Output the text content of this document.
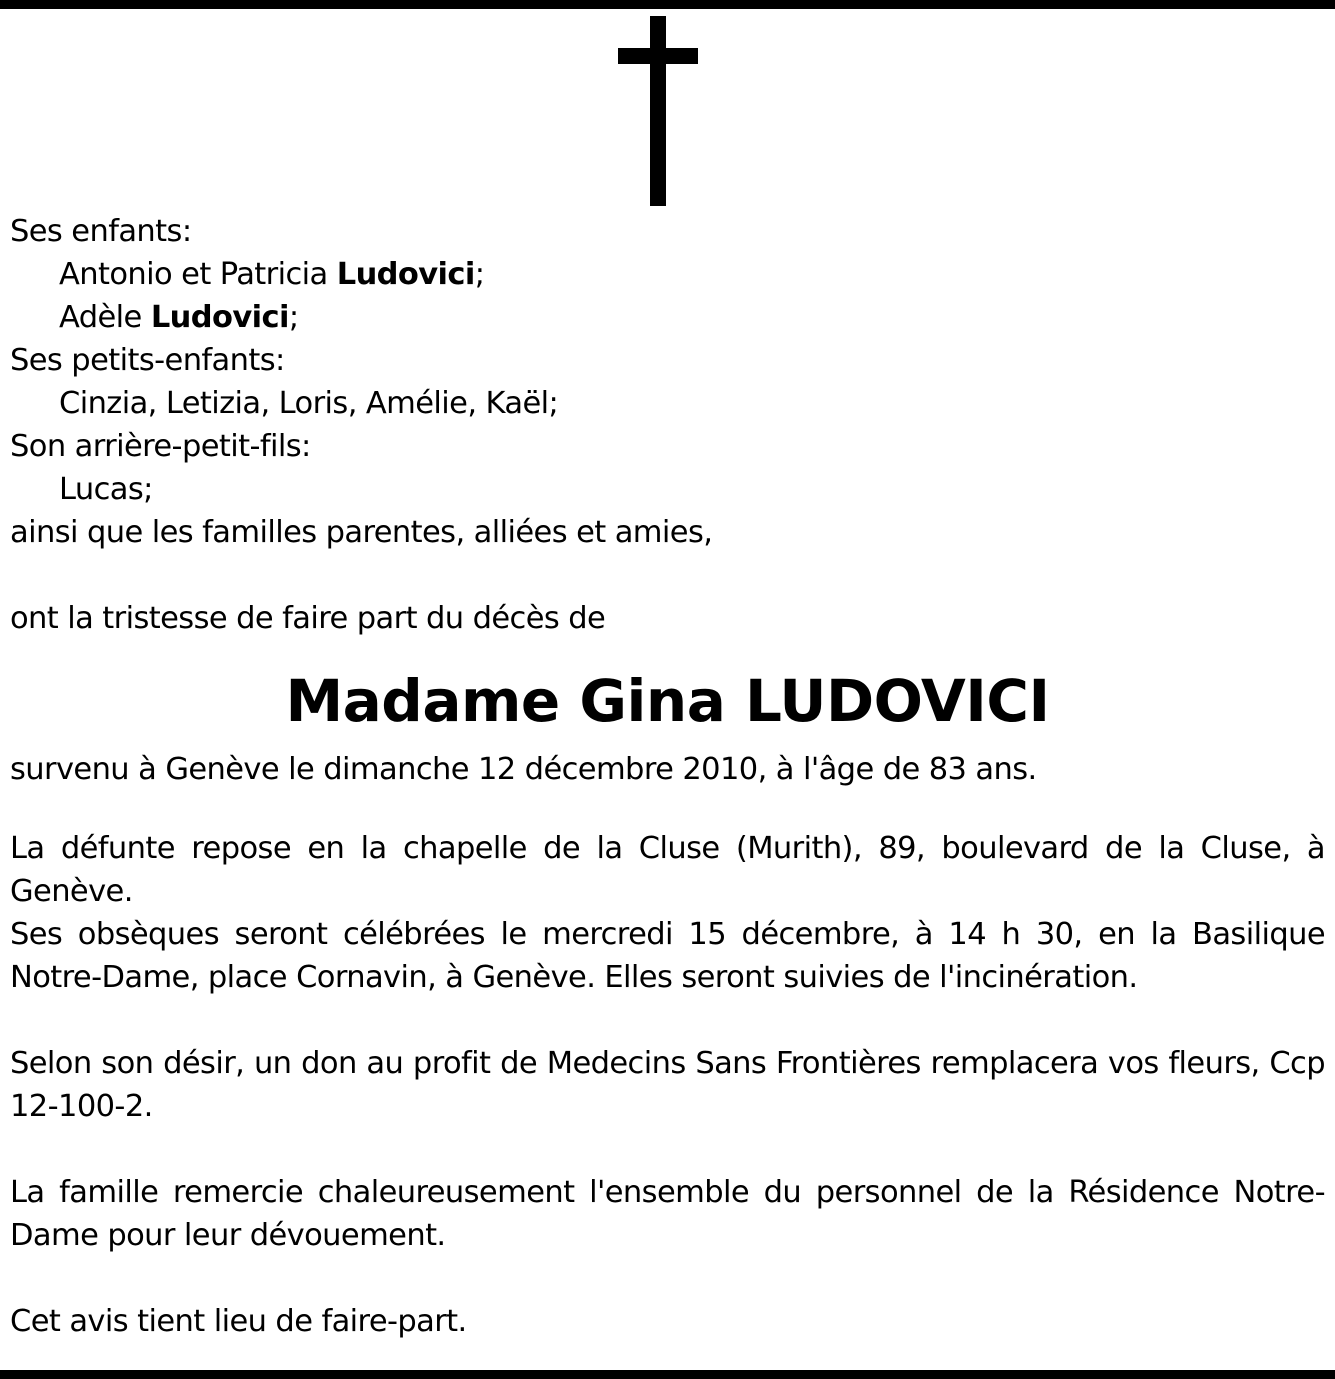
Ses enfants:
Antonio et Patricia Ludovici;
Adèle Ludovici;
Ses petits-enfants:
Cinzia, Letizia, Loris, Amélie, Kaël;
Son arrière-petit-fils:
Lucas;
ainsi que les familles parentes, alliées et amies,
ont la tristesse de faire part du décès de
Madame Gina LUDOVICI
survenu à Genève le dimanche 12 décembre 2010, à l'âge de 83 ans.
La défunte repose en la chapelle de la Cluse (Murith), 89, boulevard de la Cluse, à Genève.
Ses obsèques seront célébrées le mercredi 15 décembre, à 14 h 30, en la Basilique Notre-Dame, place Cornavin, à Genève. Elles seront suivies de l'incinération.
Selon son désir, un don au profit de Medecins Sans Frontières remplacera vos fleurs, Ccp 12-100-2.
La famille remercie chaleureusement l'ensemble du personnel de la Résidence Notre-Dame pour leur dévouement.
Cet avis tient lieu de faire-part.
